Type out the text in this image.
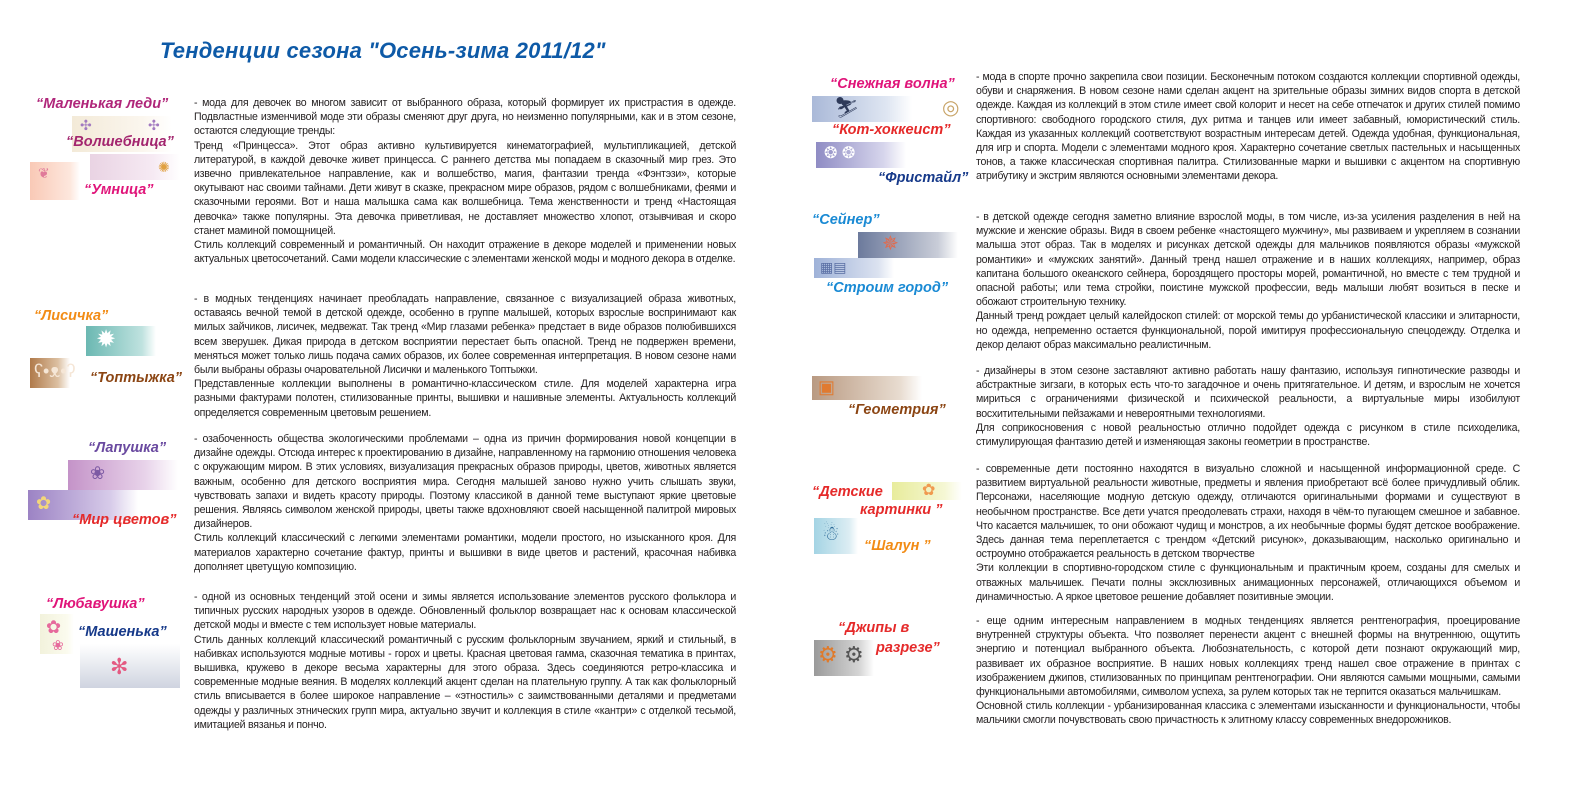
Тенденции сезона "Осень-зима 2011/12"
✣	✣
✺
❦
“Маленькая леди”
“Волшебница”
“Умница”

- мода для девочек во многом зависит от выбранного образа, который формирует их пристрастия в одежде. Подвластные изменчивой моде эти образы сменяют друг друга, но неизменно популярными, как и в этом сезоне, остаются следующие тренды:

Тренд «Принцесса». Этот образ активно культивируется кинематографией, мультипликацией, детской литературой, в каждой девочке живет принцесса. С раннего детства мы попадаем в сказочный мир грез. Это извечно привлекательное направление, как и волшебство, магия, фантазии тренда «Фэнтэзи», которые окутывают нас своими тайнами. Дети живут в сказке, прекрасном мире образов, рядом с волшебниками, феями и сказочными героями. Вот и наша малышка сама как волшебница. Тема женственности и тренд «Настоящая девочка» также популярны. Эта девочка приветливая, не доставляет множество хлопот, отзывчивая и скоро станет маминой помощницей.

Стиль коллекций современный и романтичный. Он находит отражение в декоре моделей и применении новых актуальных цветосочетаний. Сами модели классические с элементами женской моды и модного декора в отделке.

✹
ʕ•ᴥ•ʔ
“Лисичка”
“Топтыжка”

- в модных тенденциях начинает преобладать направление, связанное с визуализацией образа животных, оставаясь вечной темой в детской одежде, особенно в группе малышей, которых взрослые воспринимают как милых зайчиков, лисичек, медвежат. Так тренд «Мир глазами ребенка» предстает в виде образов полюбившихся всем зверушек. Дикая природа в детском восприятии перестает быть опасной. Тренд не подвержен времени, меняться может только лишь подача самих образов, их более современная интерпретация. В новом сезоне нами были выбраны образы очаровательной Лисички и маленького Топтыжки.

Представленные коллекции выполнены в романтично-классическом стиле. Для моделей характерна игра разными фактурами полотен, стилизованные принты, вышивки и нашивные элементы. Актуальность коллекций определяется современным цветовым решением.

❀
✿
“Лапушка”
“Мир цветов”

- озабоченность общества экологическими проблемами – одна из причин формирования новой концепции в дизайне одежды. Отсюда интерес к проектированию в дизайне, направленному на гармонию отношения человека с окружающим миром. В этих условиях, визуализация прекрасных образов природы, цветов, животных является важным, особенно для детского восприятия мира. Сегодня малышей заново нужно учить слышать звуки, чувствовать запахи и видеть красоту природы. Поэтому классикой в данной теме выступают яркие цветовые решения. Являясь символом женской природы, цветы также вдохновляют своей насыщенной палитрой мировых дизайнеров.

Стиль коллекций классический с легкими элементами романтики, модели простого, но изысканного кроя. Для материалов характерно сочетание фактур, принты и вышивки в виде цветов и растений, красочная набивка дополняет цветущую композицию.

✿
❀
✻
“Любавушка”
“Машенька”

- одной из основных тенденций этой осени и зимы является использование элементов русского фольклора и типичных русских народных узоров в одежде. Обновленный фольклор возвращает нас к основам классической детской моды и вместе с тем использует новые материалы.

Стиль данных коллекций классический романтичный с русским фольклорным звучанием, яркий и стильный, в набивках используются модные мотивы - горох и цветы. Красная цветовая гамма, сказочная тематика в принтах, вышивка, кружево в декоре весьма характерны для этого образа. Здесь соединяются ретро-классика и современные модные веяния. В моделях коллекций акцент сделан на плательную группу. А так как фольклорный стиль вписывается в более широкое направление – «этностиль» с заимствованными деталями и предметами одежды у различных этнических групп мира, актуально звучит и коллекция в стиле «кантри» с отделкой тесьмой, имитацией вязанья и пончо.

⛷	◎
❂ ❂
“Снежная волна”
“Кот-хоккеист”
“Фристайл”

- мода в спорте прочно закрепила свои позиции. Бесконечным потоком создаются коллекции спортивной одежды, обуви и снаряжения. В новом сезоне нами сделан акцент на зрительные образы зимних видов спорта в детской одежде. Каждая из коллекций в этом стиле имеет свой колорит и несет на себе отпечаток и других стилей помимо спортивного: свободного городского стиля, дух ритма и танцев или имеет забавный, юмористический стиль. Каждая из указанных коллекций соответствуют возрастным интересам детей. Одежда удобная, функциональная, для игр и спорта. Модели с элементами модного кроя. Характерно сочетание светлых пастельных и насыщенных тонов, а также классическая спортивная палитра. Стилизованные марки и вышивки с акцентом на спортивную атрибутику и экстрим являются основными элементами декора.

✵
▦▤
“Сейнер”
“Строим город”

- в детской одежде сегодня заметно влияние взрослой моды, в том числе, из-за усиления разделения в ней на мужские и женские образы. Видя в своем ребенке «настоящего мужчину», мы развиваем и укрепляем в сознании малыша этот образ. Так в моделях и рисунках детской одежды для мальчиков появляются образы «мужской романтики» и «мужских занятий». Данный тренд нашел отражение и в наших коллекциях, например, образ капитана большого океанского сейнера, бороздящего просторы морей, романтичной, но вместе с тем трудной и опасной работы; или тема стройки, поистине мужской профессии, ведь малыши любят возиться в песке и обожают строительную технику.

Данный тренд рождает целый калейдоскоп стилей: от морской темы до урбанистической классики и элитарности, но одежда, непременно остается функциональной, порой имитируя профессиональную спецодежду. Отделка и декор делают образ максимально реалистичным.

▣
“Геометрия”

- дизайнеры в этом сезоне заставляют активно работать нашу фантазию, используя гипнотические разводы и абстрактные зигзаги, в которых есть что-то загадочное и очень притягательное. И детям, и взрослым не хочется мириться с ограничениями физической и психической реальности, а виртуальные миры изобилуют восхитительными пейзажами и невероятными технологиями.

Для соприкосновения с новой реальностью отлично подойдет одежда с рисунком в стиле психоделика, стимулирующая фантазию детей и изменяющая законы геометрии в пространстве.

✿
☃
“Детские
картинки ”
“Шалун ”

- современные дети постоянно находятся в визуально сложной и насыщенной информационной среде. С развитием виртуальной реальности животные, предметы и явления приобретают всё более причудливый облик. Персонажи, населяющие модную детскую одежду, отличаются оригинальными формами и существуют в необычном пространстве. Все дети учатся преодолевать страхи, находя в чём-то пугающем смешное и забавное. Что касается мальчишек, то они обожают чудищ и монстров, а их необычные формы будят детское воображение. Здесь данная тема переплетается с трендом «Детский рисунок», доказывающим, насколько оригинально и остроумно отображается реальность в детском творчестве

Эти коллекции в спортивно-городском стиле с функциональным и практичным кроем, созданы для смелых и отважных мальчишек. Печати полны эксклюзивных анимационных персонажей, отличающихся объемом и динамичностью. А яркое цветовое решение добавляет позитивные эмоции.

⚙ ⚙
“Джипы в
разрезе”

- еще одним интересным направлением в модных тенденциях является рентгенография, проецирование внутренней структуры объекта. Что позволяет перенести акцент с внешней формы на внутреннюю, ощутить энергию и потенциал выбранного объекта. Любознательность, с которой дети познают окружающий мир, развивает их образное восприятие. В наших новых коллекциях тренд нашел свое отражение в принтах с изображением джипов, стилизованных по принципам рентгенографии. Они являются самыми мощными, самыми функциональными автомобилями, символом успеха, за рулем которых так не терпится оказаться мальчишкам.

Основной стиль коллекции - урбанизированная классика с элементами изысканности и функциональности, чтобы мальчики смогли почувствовать свою причастность к элитному классу современных внедорожников.
